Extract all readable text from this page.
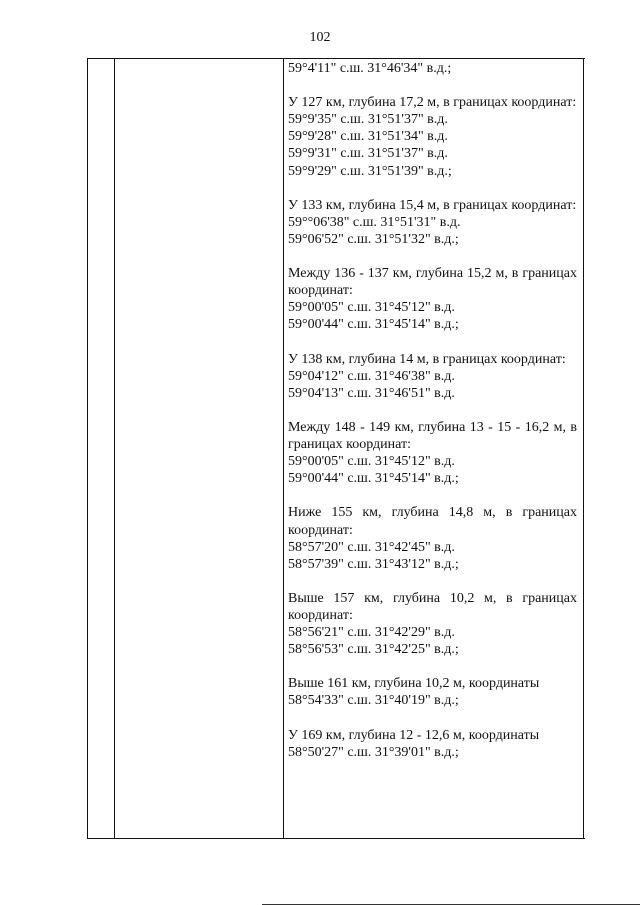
102

59°4'11" с.ш. 31°46'34" в.д.;

У 127 км, глубина 17,2 м, в границах координат:

59°9'35" с.ш. 31°51'37" в.д.

59°9'28" с.ш. 31°51'34" в.д.

59°9'31" с.ш. 31°51'37" в.д.

59°9'29" с.ш. 31°51'39" в.д.;

У 133 км, глубина 15,4 м, в границах координат:

59°°06'38" с.ш. 31°51'31" в.д.

59°06'52" с.ш. 31°51'32" в.д.;

Между 136 - 137 км, глубина 15,2 м, в границах координат:

59°00'05" с.ш. 31°45'12" в.д.

59°00'44" с.ш. 31°45'14" в.д.;

У 138 км, глубина 14 м, в границах координат:

59°04'12" с.ш. 31°46'38" в.д.

59°04'13" с.ш. 31°46'51" в.д.

Между 148 - 149 км, глубина 13 - 15 - 16,2 м, в границах координат:

59°00'05" с.ш. 31°45'12" в.д.

59°00'44" с.ш. 31°45'14" в.д.;

Ниже 155 км, глубина 14,8 м, в границах координат:

58°57'20" с.ш. 31°42'45" в.д.

58°57'39" с.ш. 31°43'12" в.д.;

Выше 157 км, глубина 10,2 м, в границах координат:

58°56'21" с.ш. 31°42'29" в.д.

58°56'53" с.ш. 31°42'25" в.д.;

Выше 161 км, глубина 10,2 м, координаты

58°54'33" с.ш. 31°40'19" в.д.;

У 169 км, глубина 12 - 12,6 м, координаты

58°50'27" с.ш. 31°39'01" в.д.;
